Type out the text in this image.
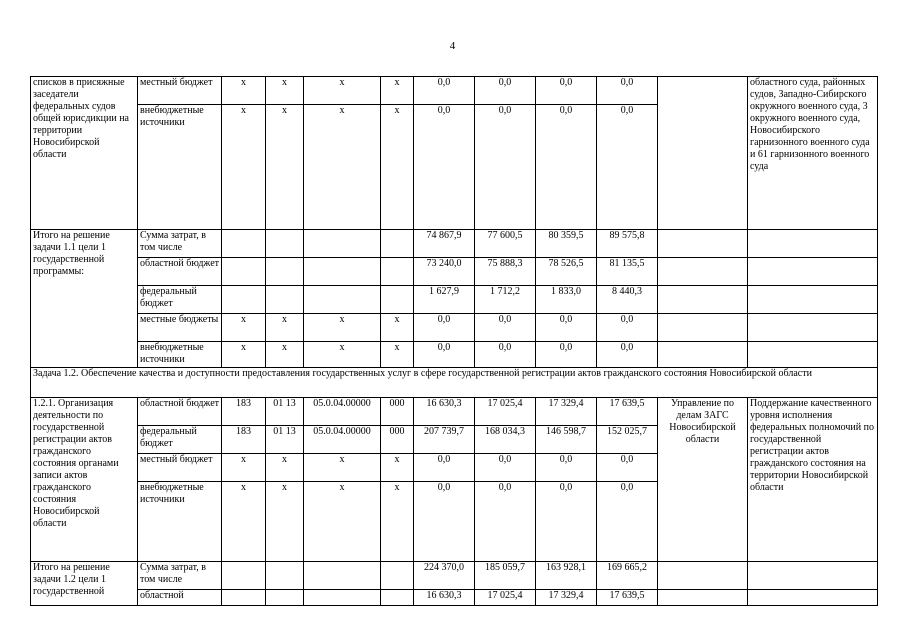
4
списков в присяжные заседатели федеральных судов общей юрисдикции на территории Новосибирской области	местный бюджет	х	х	х	х	0,0	0,0	0,0	0,0		областного суда, районных судов, Западно-Сибирского окружного военного суда, 3 окружного военного суда, Новосибирского гарнизонного военного суда и 61 гарнизонного военного суда
	внебюджетные источники	х	х	х	х	0,0	0,0	0,0	0,0		
Итого на решение задачи 1.1 цели 1 государственной программы:	Сумма затрат, в том числе					74 867,9	77 600,5	80 359,5	89 575,8		
	областной бюджет					73 240,0	75 888,3	78 526,5	81 135,5		
	федеральный бюджет					1 627,9	1 712,2	1 833,0	8 440,3		
	местные бюджеты	х	х	х	х	0,0	0,0	0,0	0,0		
	внебюджетные источники	х	х	х	х	0,0	0,0	0,0	0,0		
Задача 1.2. Обеспечение качества и доступности предоставления государственных услуг в сфере государственной регистрации актов гражданского состояния Новосибирской области											
1.2.1. Организация деятельности по государственной регистрации актов гражданского состояния органами записи актов гражданского состояния Новосибирской области	областной бюджет	183	01 13	05.0.04.00000	000	16 630,3	17 025,4	17 329,4	17 639,5	Управление по делам ЗАГС Новосибирской области	Поддержание качественного уровня исполнения федеральных полномочий по государственной регистрации актов гражданского состояния на территории Новосибирской области
	федеральный бюджет	183	01 13	05.0.04.00000	000	207 739,7	168 034,3	146 598,7	152 025,7		
	местный бюджет	х	х	х	х	0,0	0,0	0,0	0,0		
	внебюджетные источники	х	х	х	х	0,0	0,0	0,0	0,0		
Итого на решение задачи 1.2 цели 1 государственной	Сумма затрат, в том числе					224 370,0	185 059,7	163 928,1	169 665,2		
	областной					16 630,3	17 025,4	17 329,4	17 639,5		
